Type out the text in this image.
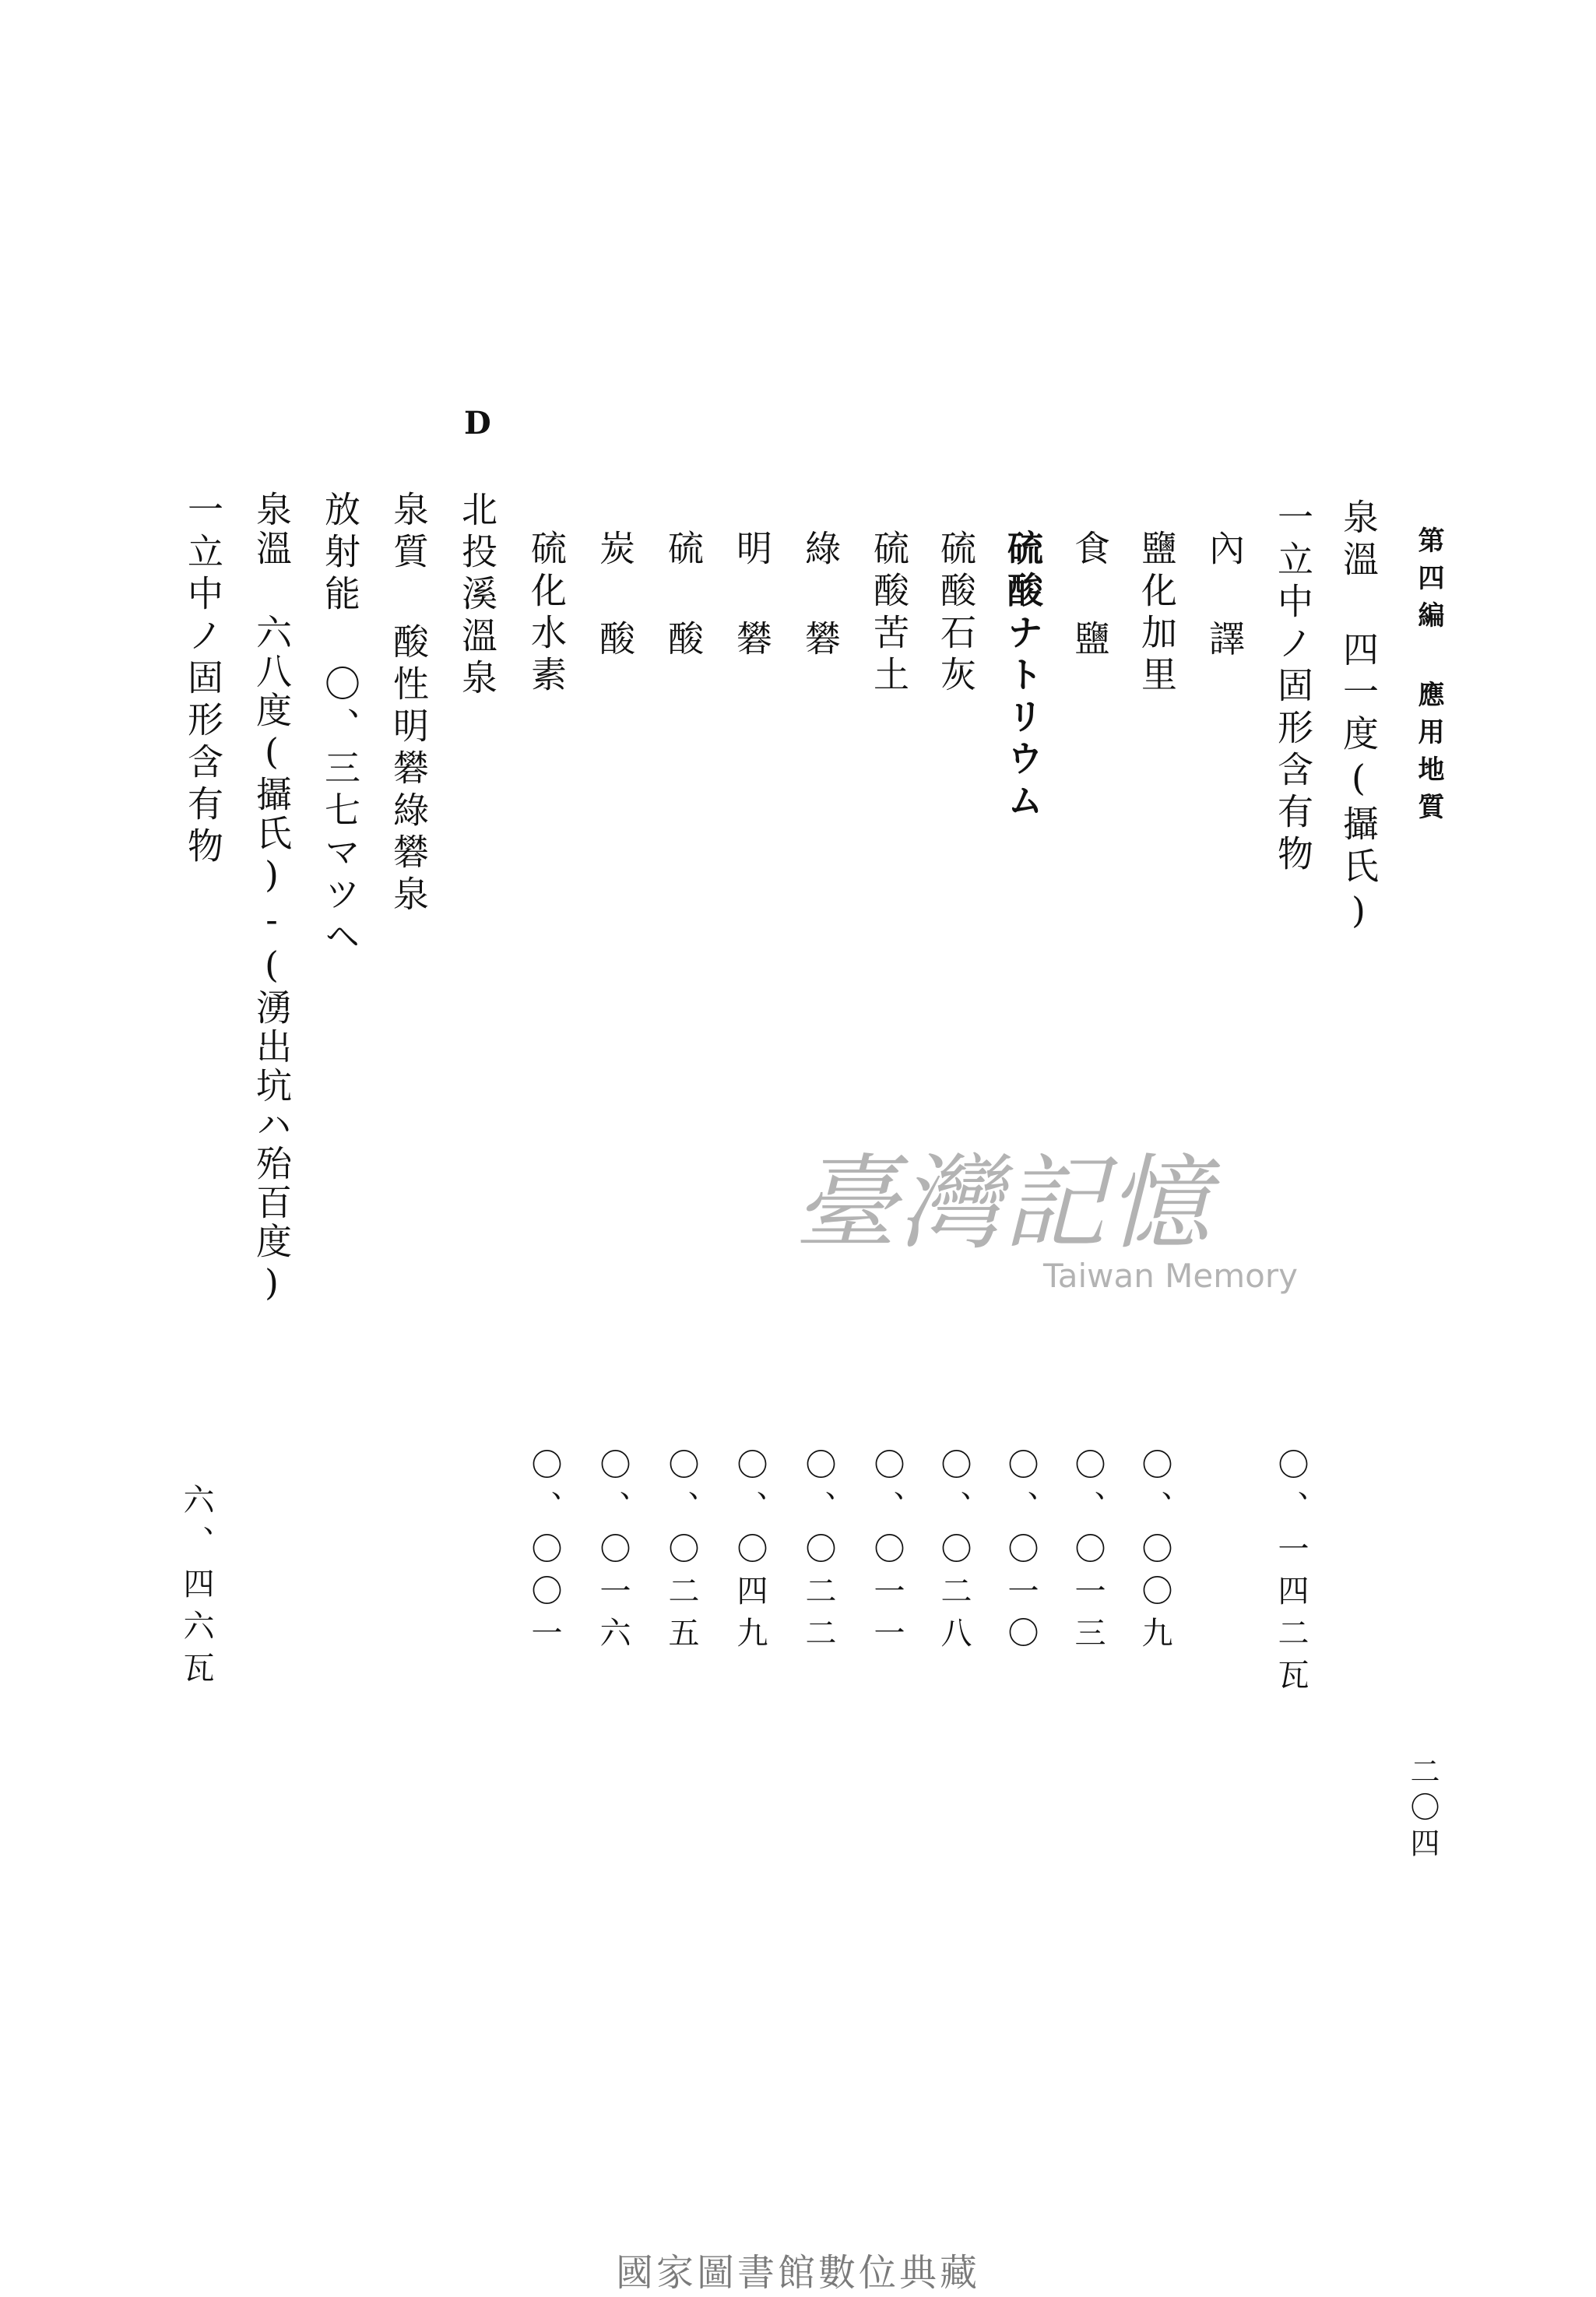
第四編 應用地質
二〇四
泉溫 四一度(攝氏)
一立中ノ固形含有物
〇、一四二瓦
內 譯
鹽化加里
食 鹽
硫酸ナトリウム
硫酸石灰
硫酸苦土
綠 礬
明 礬
硫 酸
炭 酸
硫化水素
〇、〇〇九
〇、〇一三
〇、〇一〇
〇、〇二八
〇、〇一一
〇、〇二二
〇、〇四九
〇、〇二五
〇、〇一六
〇、〇〇一
D
北投溪溫泉
泉質 酸性明礬綠礬泉
放射能 〇、三七マツヘ
泉溫 六八度(攝氏)-(湧出坑ハ殆百度)
一立中ノ固形含有物
六、四六瓦
臺灣記憶
Taiwan Memory
國家圖書館數位典藏
